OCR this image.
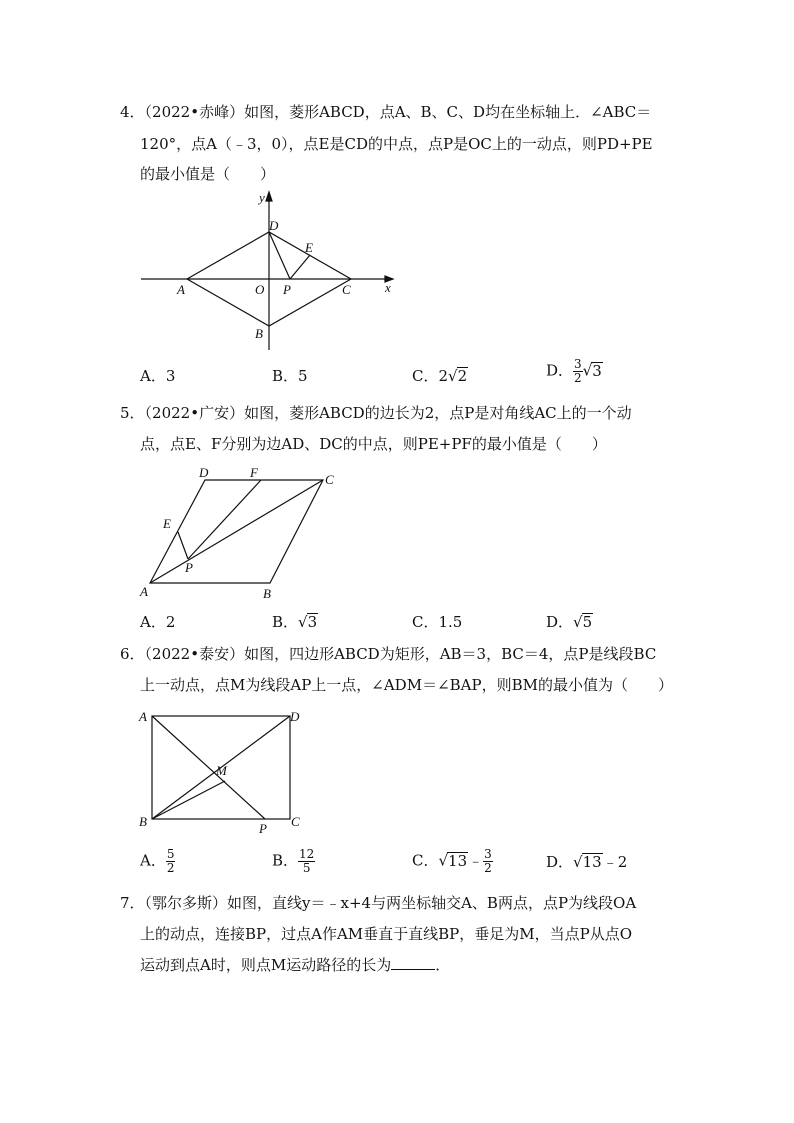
4．（2022•赤峰）如图，菱形ABCD，点A、B、C、D均在坐标轴上．∠ABC＝
120°，点A（﹣3，0），点E是CD的中点，点P是OC上的一动点，则PD+PE
的最小值是（　　）
y
D
E
A	O P	C	x
B
A．3	B．5	C．2√2	D． $\frac{3}{2} √3$
5．（2022•广安）如图，菱形ABCD的边长为2，点P是对角线AC上的一个动
点，点E、F分别为边AD、DC的中点，则PE+PF的最小值是（　　）
D	F	C
E
P
A	B
A．2	B．√3	C．1.5	D．√5
6．（2022•泰安）如图，四边形ABCD为矩形，AB＝3，BC＝4，点P是线段BC
上一动点，点M为线段AP上一点，∠ADM＝∠BAP，则BM的最小值为（　　）
A	D
M
B	P C
A． $\frac{5}{2}$	B． $\frac{12}{5}$	C．√13﹣ $\frac{3}{2}$	D．√13﹣2
7．（鄂尔多斯）如图，直线y＝﹣x+4与两坐标轴交A、B两点，点P为线段OA
上的动点，连接BP，过点A作AM垂直于直线BP，垂足为M，当点P从点O
运动到点A时，则点M运动路径的长为	．
